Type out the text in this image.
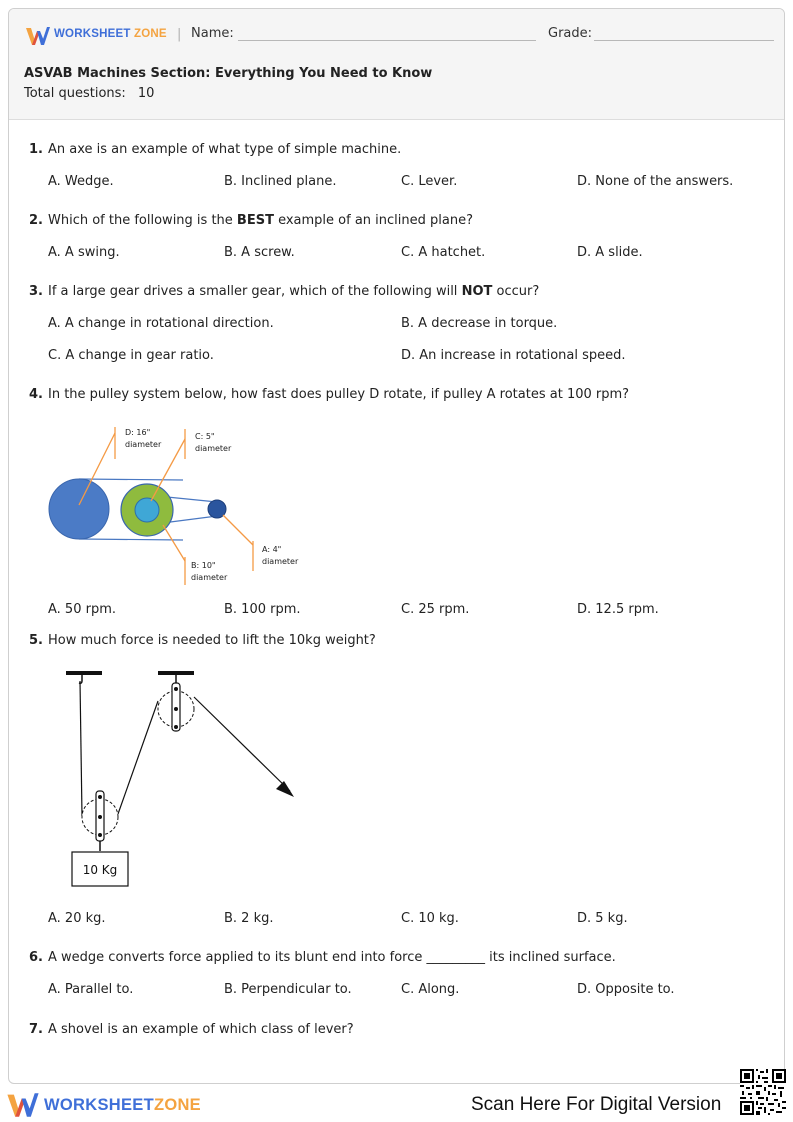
WORKSHEET ZONE | Name:	Grade:
ASVAB Machines Section: Everything You Need to Know
Total questions: 10
1. An axe is an example of what type of simple machine.
A. Wedge.	B. Inclined plane.	C. Lever.	D. None of the answers.
2. Which of the following is the BEST example of an inclined plane?
A. A swing.	B. A screw.	C. A hatchet.	D. A slide.
3. If a large gear drives a smaller gear, which of the following will NOT occur?
A. A change in rotational direction.	B. A decrease in torque.
C. A change in gear ratio.	D. An increase in rotational speed.
4. In the pulley system below, how fast does pulley D rotate, if pulley A rotates at 100 rpm?
D: 16"
diameter
C: 5"
diameter
A: 4"
diameter
B: 10"
diameter
A. 50 rpm.	B. 100 rpm.	C. 25 rpm.	D. 12.5 rpm.
5. How much force is needed to lift the 10kg weight?
10 Kg
A. 20 kg.	B. 2 kg.	C. 10 kg.	D. 5 kg.
6. A wedge converts force applied to its blunt end into force _________ its inclined surface.
A. Parallel to.	B. Perpendicular to.	C. Along.	D. Opposite to.
7. A shovel is an example of which class of lever?
WORKSHEETZONE	Scan Here For Digital Version
